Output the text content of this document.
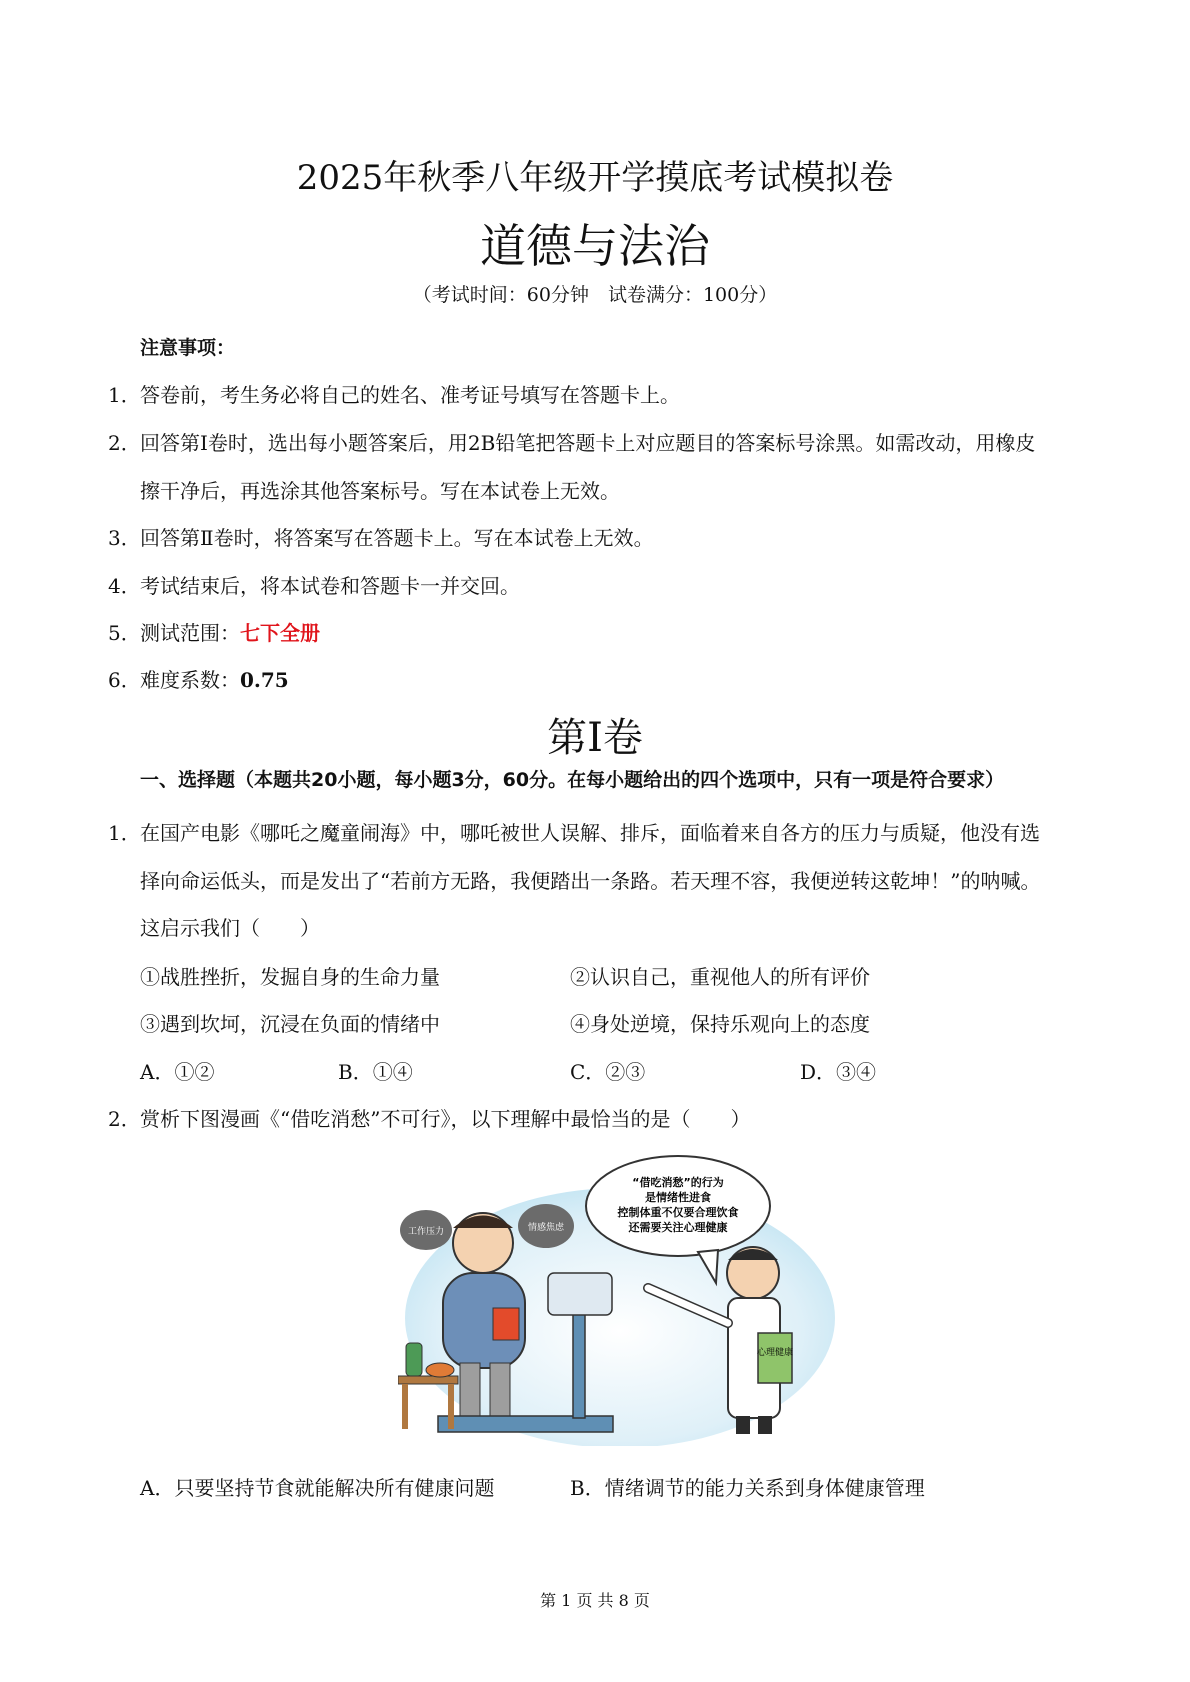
2025年秋季八年级开学摸底考试模拟卷
道德与法治
（考试时间：60分钟　试卷满分：100分）
注意事项：
1． 答卷前，考生务必将自己的姓名、准考证号填写在答题卡上。
2． 回答第Ⅰ卷时，选出每小题答案后，用2B铅笔把答题卡上对应题目的答案标号涂黑。如需改动，用橡皮
擦干净后，再选涂其他答案标号。写在本试卷上无效。
3． 回答第Ⅱ卷时，将答案写在答题卡上。写在本试卷上无效。
4． 考试结束后，将本试卷和答题卡一并交回。
5． 测试范围：七下全册
6． 难度系数：0.75
第Ⅰ卷
一、选择题（本题共20小题，每小题3分，60分。在每小题给出的四个选项中，只有一项是符合要求）
1． 在国产电影《哪吒之魔童闹海》中，哪吒被世人误解、排斥，面临着来自各方的压力与质疑，他没有选
择向命运低头，而是发出了“若前方无路，我便踏出一条路。若天理不容，我便逆转这乾坤！”的呐喊。
这启示我们（　　）
①战胜挫折，发掘自身的生命力量	②认识自己，重视他人的所有评价
③遇到坎坷，沉浸在负面的情绪中	④身处逆境，保持乐观向上的态度
A．①②	B．①④	C．②③	D．③④
2． 赏析下图漫画《“借吃消愁”不可行》，以下理解中最恰当的是（　　）
“借吃消愁”的行为
是情绪性进食
控制体重不仅要合理饮食
还需要关注心理健康
工作压力	情感焦虑
心理健康
A．只要坚持节食就能解决所有健康问题	B．情绪调节的能力关系到身体健康管理
第 1 页 共 8 页
